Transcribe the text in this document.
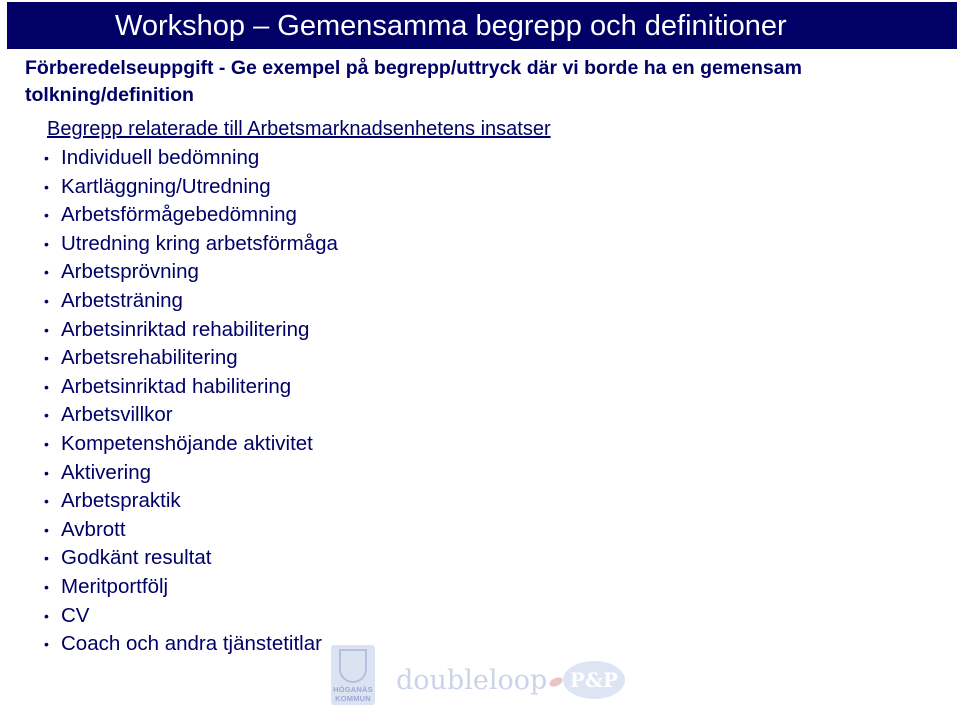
Workshop – Gemensamma begrepp och definitioner
Förberedelseuppgift - Ge exempel på begrepp/uttryck där vi borde ha en gemensam tolkning/definition
Begrepp relaterade till Arbetsmarknadsenhetens insatser
• Individuell bedömning
• Kartläggning/Utredning
• Arbetsförmågebedömning
• Utredning kring arbetsförmåga
• Arbetsprövning
• Arbetsträning
• Arbetsinriktad rehabilitering
• Arbetsrehabilitering
• Arbetsinriktad habilitering
• Arbetsvillkor
• Kompetenshöjande aktivitet
• Aktivering
• Arbetspraktik
• Avbrott
• Godkänt resultat
• Meritportfölj
• CV
• Coach och andra tjänstetitlar
HÖGANÄS
KOMMUN
doubleloop	P&P
